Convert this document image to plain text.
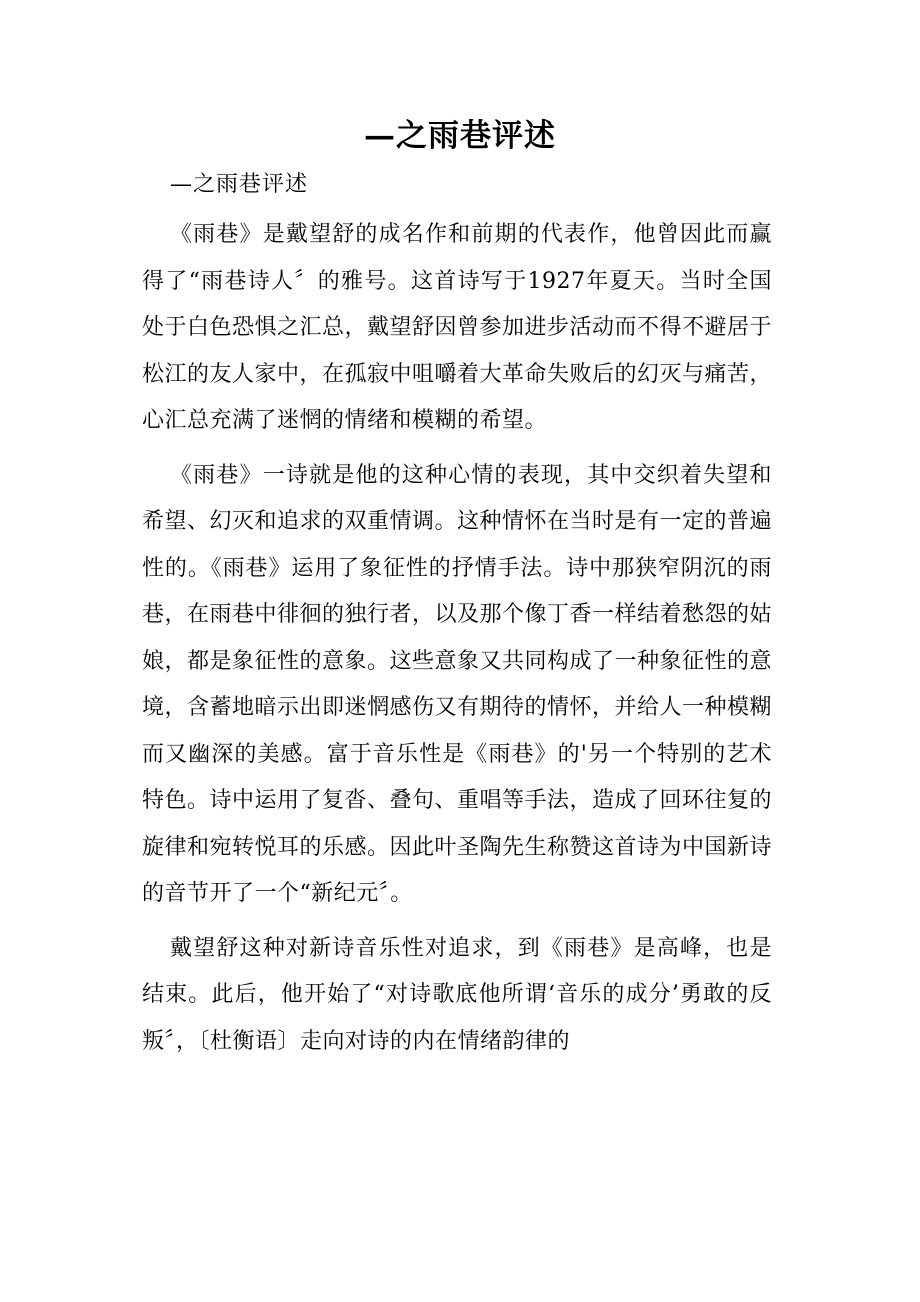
—之雨巷评述
—之雨巷评述

《雨巷》是戴望舒的成名作和前期的代表作，他曾因此而赢得了“雨巷诗人〞的雅号。这首诗写于1927年夏天。当时全国处于白色恐惧之汇总，戴望舒因曾参加进步活动而不得不避居于松江的友人家中，在孤寂中咀嚼着大革命失败后的幻灭与痛苦，心汇总充满了迷惘的情绪和模糊的希望。

《雨巷》一诗就是他的这种心情的表现，其中交织着失望和希望、幻灭和追求的双重情调。这种情怀在当时是有一定的普遍性的。《雨巷》运用了象征性的抒情手法。诗中那狭窄阴沉的雨巷，在雨巷中徘徊的独行者，以及那个像丁香一样结着愁怨的姑娘，都是象征性的意象。这些意象又共同构成了一种象征性的意境，含蓄地暗示出即迷惘感伤又有期待的情怀，并给人一种模糊而又幽深的美感。富于音乐性是《雨巷》的'另一个特别的艺术特色。诗中运用了复沓、叠句、重唱等手法，造成了回环往复的旋律和宛转悦耳的乐感。因此叶圣陶先生称赞这首诗为中国新诗的音节开了一个“新纪元〞。

戴望舒这种对新诗音乐性对追求，到《雨巷》是高峰，也是结束。此后，他开始了“对诗歌底他所谓‘音乐的成分’勇敢的反叛〞，〔杜衡语〕走向对诗的内在情绪韵律的
